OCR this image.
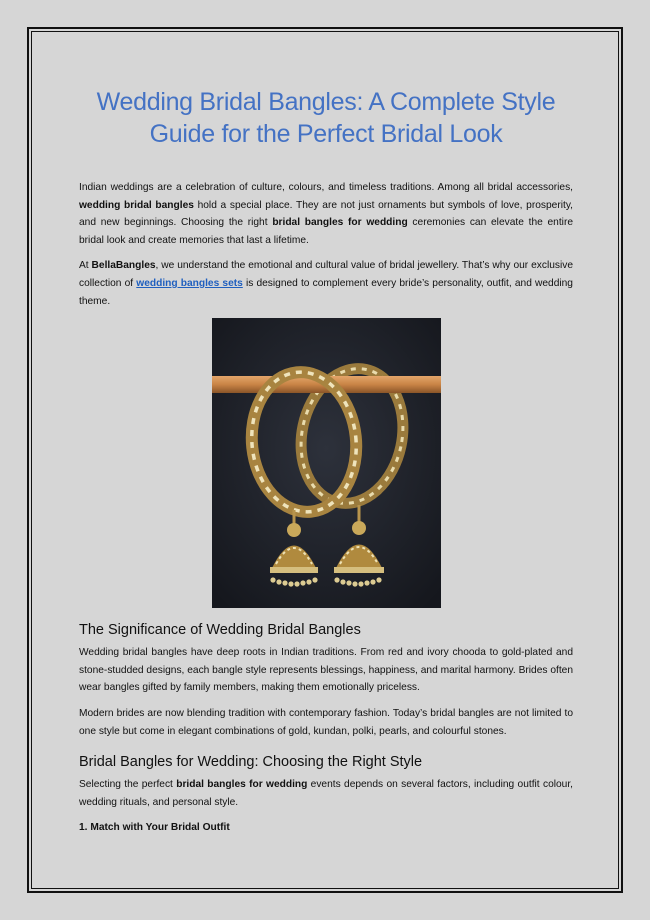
Wedding Bridal Bangles: A Complete Style Guide for the Perfect Bridal Look

Indian weddings are a celebration of culture, colours, and timeless traditions. Among all bridal accessories, wedding bridal bangles hold a special place. They are not just ornaments but symbols of love, prosperity, and new beginnings. Choosing the right bridal bangles for wedding ceremonies can elevate the entire bridal look and create memories that last a lifetime.

At BellaBangles, we understand the emotional and cultural value of bridal jewellery. That’s why our exclusive collection of wedding bangles sets is designed to complement every bride’s personality, outfit, and wedding theme.

The Significance of Wedding Bridal Bangles

Wedding bridal bangles have deep roots in Indian traditions. From red and ivory chooda to gold-plated and stone-studded designs, each bangle style represents blessings, happiness, and marital harmony. Brides often wear bangles gifted by family members, making them emotionally priceless.

Modern brides are now blending tradition with contemporary fashion. Today’s bridal bangles are not limited to one style but come in elegant combinations of gold, kundan, polki, pearls, and colourful stones.

Bridal Bangles for Wedding: Choosing the Right Style

Selecting the perfect bridal bangles for wedding events depends on several factors, including outfit colour, wedding rituals, and personal style.

1. Match with Your Bridal Outfit
